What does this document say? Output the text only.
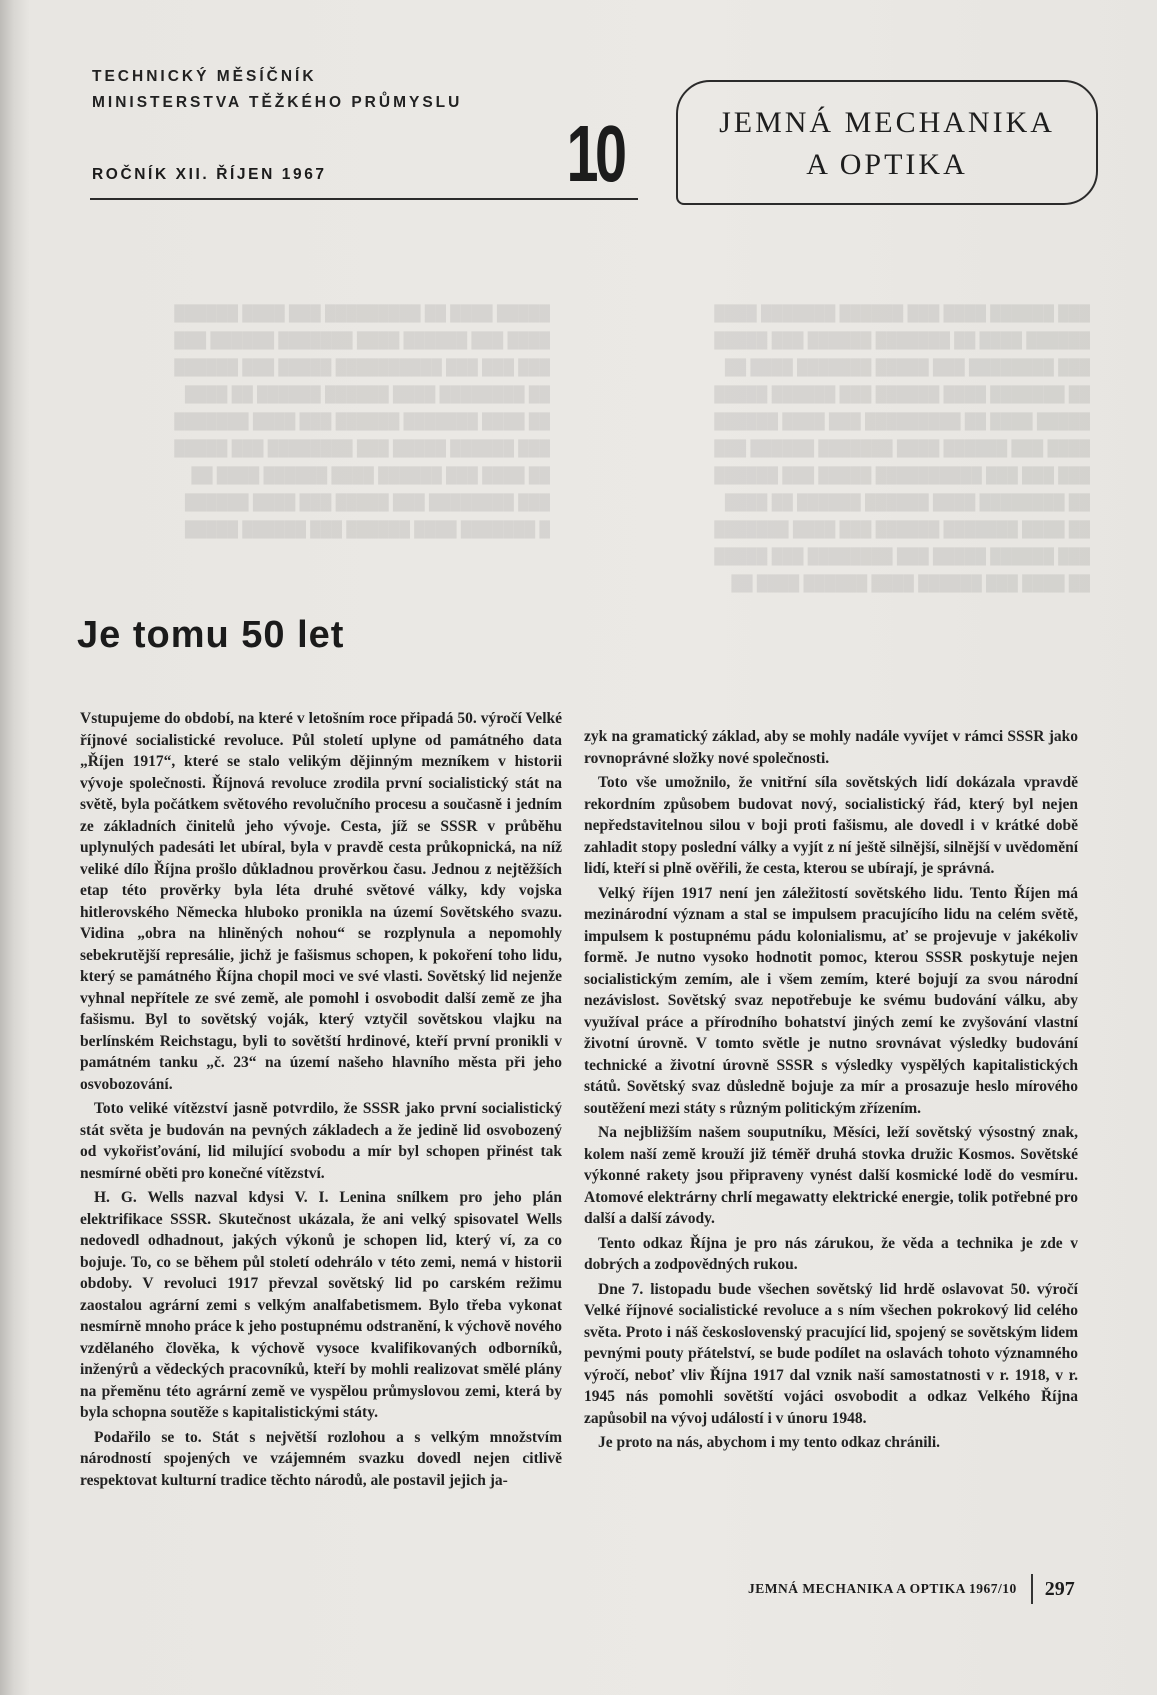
████ ███████ ██████ ███ ████ ██████ ███
█████ ███ ██████ ███████ ██ ████ ██████
██ ████ ███████ █████ ███ ████████ ███
█████ ██████ ███ ██████ ████ ███████ ██
██████ ████ ███ █████████ ██ ████ █████
███ ██████ ███████ ████ ██████ ███ ████
██████ ███ █████ ██████████ ███ ███ ███
████ ██ ██████ ██████ ████ ████████ ██
███████ ████ ███ ██████ ███████ ████ ██
█████ ███ ████████ ███ █████ ██████ ███
██ ████ ██████ ████ ██████ ███ ████ ██
██████ ████ ███ █████████ ██ ████ █████
███ ██████ ███████ ████ ██████ ███ ████
██████ ███ █████ ██████████ ███ ███ ███
████ ██ ██████ ██████ ████ ████████ ██
███████ ████ ███ ██████ ███████ ████ ██
█████ ███ ████████ ███ █████ ██████ ███
██ ████ ██████ ████ ██████ ███ ████ ██
██████ ████ ███ █████ ███ ████████ ███
█████ ██████ ███ ██████ ████ ███████ █
TECHNICKÝ MĚSÍČNÍK
MINISTERSTVA TĚŽKÉHO PRŮMYSLU
ROČNÍK XII. ŘÍJEN 1967	10	JEMNÁ MECHANIKA
A OPTIKA
Je tomu 50 let

Vstupujeme do období, na které v letošním roce připadá 50. výročí Velké říjnové socialistické revoluce. Půl století uplyne od památného data „Říjen 1917“, které se stalo velikým dějinným mezníkem v historii vývoje společnosti. Říjnová revoluce zrodila první socialistický stát na světě, byla počátkem světového revolučního procesu a současně i jedním ze základních činitelů jeho vývoje. Cesta, jíž se SSSR v průběhu uplynulých padesáti let ubíral, byla v pravdě cesta průkopnická, na níž veliké dílo Října prošlo důkladnou prověrkou času. Jednou z nejtěžších etap této prověrky byla léta druhé světové války, kdy vojska hitlerovského Německa hluboko pronikla na území Sovětského svazu. Vidina „obra na hliněných nohou“ se rozplynula a nepomohly sebekrutější represálie, jichž je fašismus schopen, k pokoření toho lidu, který se památného Října chopil moci ve své vlasti. Sovětský lid nejenže vyhnal nepřítele ze své země, ale pomohl i osvobodit další země ze jha fašismu. Byl to sovětský voják, který vztyčil sovětskou vlajku na berlínském Reichstagu, byli to sovětští hrdinové, kteří první pronikli v památném tanku „č. 23“ na území našeho hlavního města při jeho osvobozování.

Toto veliké vítězství jasně potvrdilo, že SSSR jako první socialistický stát světa je budován na pevných základech a že jedině lid osvobozený od vykořisťování, lid milující svobodu a mír byl schopen přinést tak nesmírné oběti pro konečné vítězství.

H. G. Wells nazval kdysi V. I. Lenina snílkem pro jeho plán elektrifikace SSSR. Skutečnost ukázala, že ani velký spisovatel Wells nedovedl odhadnout, jakých výkonů je schopen lid, který ví, za co bojuje. To, co se během půl století odehrálo v této zemi, nemá v historii obdoby. V revoluci 1917 převzal sovětský lid po carském režimu zaostalou agrární zemi s velkým analfabetismem. Bylo třeba vykonat nesmírně mnoho práce k jeho postupnému odstranění, k výchově nového vzdělaného člověka, k výchově vysoce kvalifikovaných odborníků, inženýrů a vědeckých pracovníků, kteří by mohli realizovat smělé plány na přeměnu této agrární země ve vyspělou průmyslovou zemi, která by byla schopna soutěže s kapitalistickými státy.

Podařilo se to. Stát s největší rozlohou a s velkým množstvím národností spojených ve vzájemném svazku dovedl nejen citlivě respektovat kulturní tradice těchto národů, ale postavil jejich ja-

zyk na gramatický základ, aby se mohly nadále vyvíjet v rámci SSSR jako rovnoprávné složky nové společnosti.

Toto vše umožnilo, že vnitřní síla sovětských lidí dokázala vpravdě rekordním způsobem budovat nový, socialistický řád, který byl nejen nepředstavitelnou silou v boji proti fašismu, ale dovedl i v krátké době zahladit stopy poslední války a vyjít z ní ještě silnější, silnější v uvědomění lidí, kteří si plně ověřili, že cesta, kterou se ubírají, je správná.

Velký říjen 1917 není jen záležitostí sovětského lidu. Tento Říjen má mezinárodní význam a stal se impulsem pracujícího lidu na celém světě, impulsem k postupnému pádu kolonialismu, ať se projevuje v jakékoliv formě. Je nutno vysoko hodnotit pomoc, kterou SSSR poskytuje nejen socialistickým zemím, ale i všem zemím, které bojují za svou národní nezávislost. Sovětský svaz nepotřebuje ke svému budování válku, aby využíval práce a přírodního bohatství jiných zemí ke zvyšování vlastní životní úrovně. V tomto světle je nutno srovnávat výsledky budování technické a životní úrovně SSSR s výsledky vyspělých kapitalistických států. Sovětský svaz důsledně bojuje za mír a prosazuje heslo mírového soutěžení mezi státy s různým politickým zřízením.

Na nejbližším našem souputníku, Měsíci, leží sovětský výsostný znak, kolem naší země krouží již téměř druhá stovka družic Kosmos. Sovětské výkonné rakety jsou připraveny vynést další kosmické lodě do vesmíru. Atomové elektrárny chrlí megawatty elektrické energie, tolik potřebné pro další a další závody.

Tento odkaz Října je pro nás zárukou, že věda a technika je zde v dobrých a zodpovědných rukou.

Dne 7. listopadu bude všechen sovětský lid hrdě oslavovat 50. výročí Velké říjnové socialistické revoluce a s ním všechen pokrokový lid celého světa. Proto i náš československý pracující lid, spojený se sovětským lidem pevnými pouty přátelství, se bude podílet na oslavách tohoto významného výročí, neboť vliv Října 1917 dal vznik naší samostatnosti v r. 1918, v r. 1945 nás pomohli sovětští vojáci osvobodit a odkaz Velkého Října zapůsobil na vývoj událostí i v únoru 1948.

Je proto na nás, abychom i my tento odkaz chránili.

JEMNÁ MECHANIKA A OPTIKA 1967/10 297
